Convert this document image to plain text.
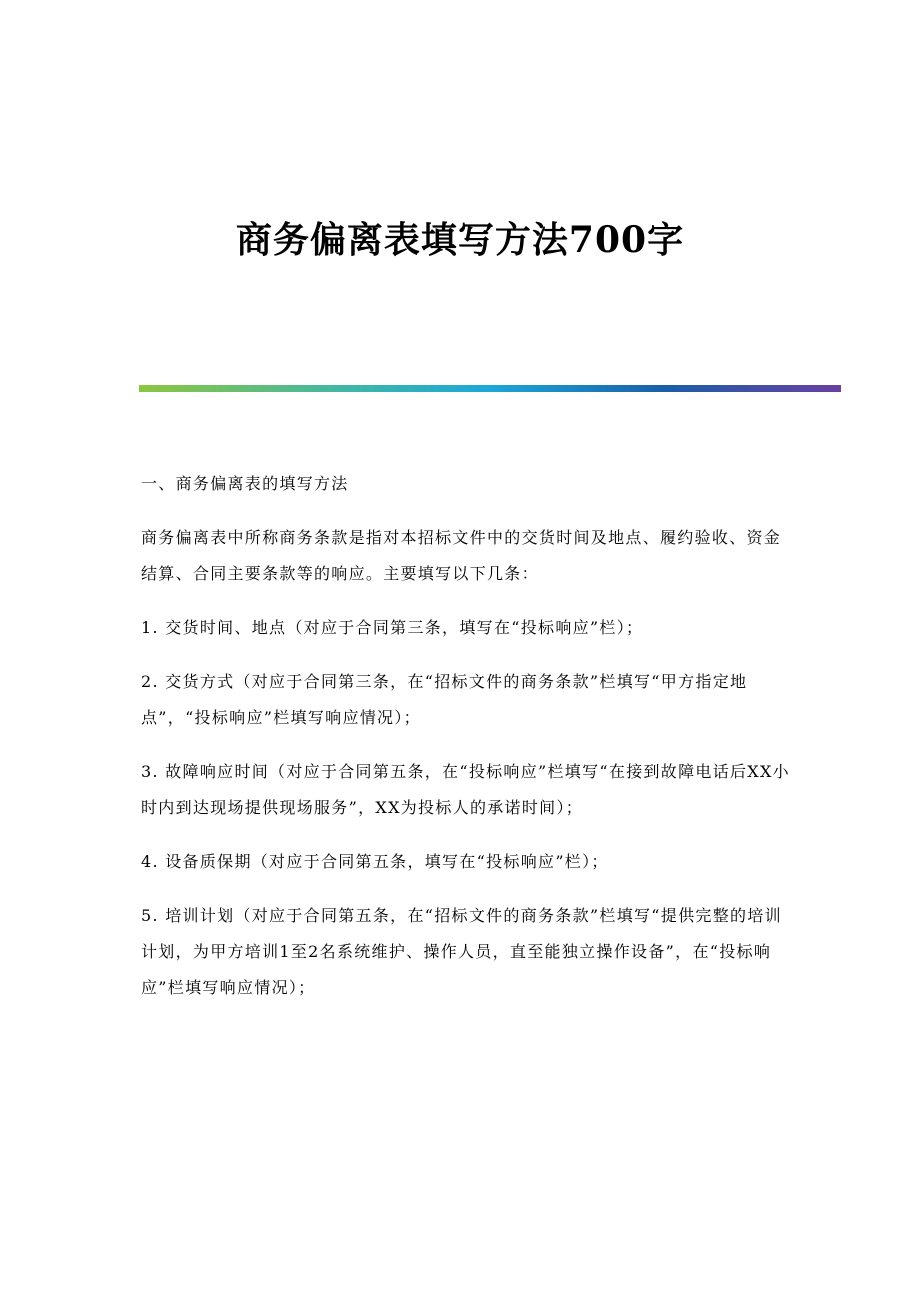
商务偏离表填写方法700字

一、商务偏离表的填写方法

商务偏离表中所称商务条款是指对本招标文件中的交货时间及地点、履约验收、资金结算、合同主要条款等的响应。主要填写以下几条：

1. 交货时间、地点（对应于合同第三条，填写在“投标响应”栏）；

2. 交货方式（对应于合同第三条，在“招标文件的商务条款”栏填写“甲方指定地点”，“投标响应”栏填写响应情况）；

3. 故障响应时间（对应于合同第五条，在“投标响应”栏填写“在接到故障电话后XX小时内到达现场提供现场服务”，XX为投标人的承诺时间）；

4. 设备质保期（对应于合同第五条，填写在“投标响应”栏）；

5. 培训计划（对应于合同第五条，在“招标文件的商务条款”栏填写“提供完整的培训计划，为甲方培训1至2名系统维护、操作人员，直至能独立操作设备”，在“投标响应”栏填写响应情况）；
